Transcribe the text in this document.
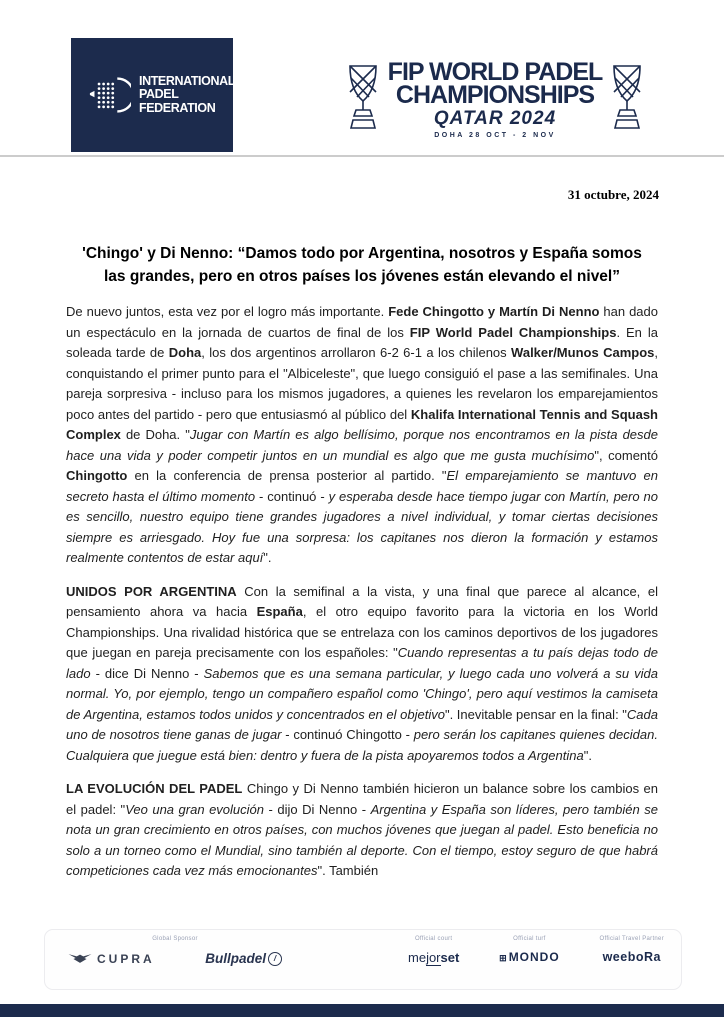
INTERNATIONAL
PADEL
FEDERATION
FIP WORLD PADEL
CHAMPIONSHIPS
QATAR 2024
DOHA 28 OCT - 2 NOV
31 octubre, 2024
'Chingo' y Di Nenno: “Damos todo por Argentina, nosotros y España somos
las grandes, pero en otros países los jóvenes están elevando el nivel”

De nuevo juntos, esta vez por el logro más importante. Fede Chingotto y Martín Di Nenno han dado un espectáculo en la jornada de cuartos de final de los FIP World Padel Championships. En la soleada tarde de Doha, los dos argentinos arrollaron 6-2 6-1 a los chilenos Walker/Munos Campos, conquistando el primer punto para el "Albiceleste", que luego consiguió el pase a las semifinales. Una pareja sorpresiva - incluso para los mismos jugadores, a quienes les revelaron los emparejamientos poco antes del partido - pero que entusiasmó al público del Khalifa International Tennis and Squash Complex de Doha. "Jugar con Martín es algo bellísimo, porque nos encontramos en la pista desde hace una vida y poder competir juntos en un mundial es algo que me gusta muchísimo", comentó Chingotto en la conferencia de prensa posterior al partido. "El emparejamiento se mantuvo en secreto hasta el último momento - continuó - y esperaba desde hace tiempo jugar con Martín, pero no es sencillo, nuestro equipo tiene grandes jugadores a nivel individual, y tomar ciertas decisiones siempre es arriesgado. Hoy fue una sorpresa: los capitanes nos dieron la formación y estamos realmente contentos de estar aquí".

UNIDOS POR ARGENTINA Con la semifinal a la vista, y una final que parece al alcance, el pensamiento ahora va hacia España, el otro equipo favorito para la victoria en los World Championships. Una rivalidad histórica que se entrelaza con los caminos deportivos de los jugadores que juegan en pareja precisamente con los españoles: "Cuando representas a tu país dejas todo de lado - dice Di Nenno - Sabemos que es una semana particular, y luego cada uno volverá a su vida normal. Yo, por ejemplo, tengo un compañero español como 'Chingo', pero aquí vestimos la camiseta de Argentina, estamos todos unidos y concentrados en el objetivo". Inevitable pensar en la final: "Cada uno de nosotros tiene ganas de jugar - continuó Chingotto - pero serán los capitanes quienes decidan. Cualquiera que juegue está bien: dentro y fuera de la pista apoyaremos todos a Argentina".

LA EVOLUCIÓN DEL PADEL Chingo y Di Nenno también hicieron un balance sobre los cambios en el padel: "Veo una gran evolución - dijo Di Nenno - Argentina y España son líderes, pero también se nota un gran crecimiento en otros países, con muchos jóvenes que juegan al padel. Esto beneficia no solo a un torneo como el Mundial, sino también al deporte. Con el tiempo, estoy seguro de que habrá competiciones cada vez más emocionantes". También

Global Sponsor
CUPRA	Bullpadel /
Official court
mejorset
Official turf
⊞MONDO
Official Travel Partner
weeboRa
